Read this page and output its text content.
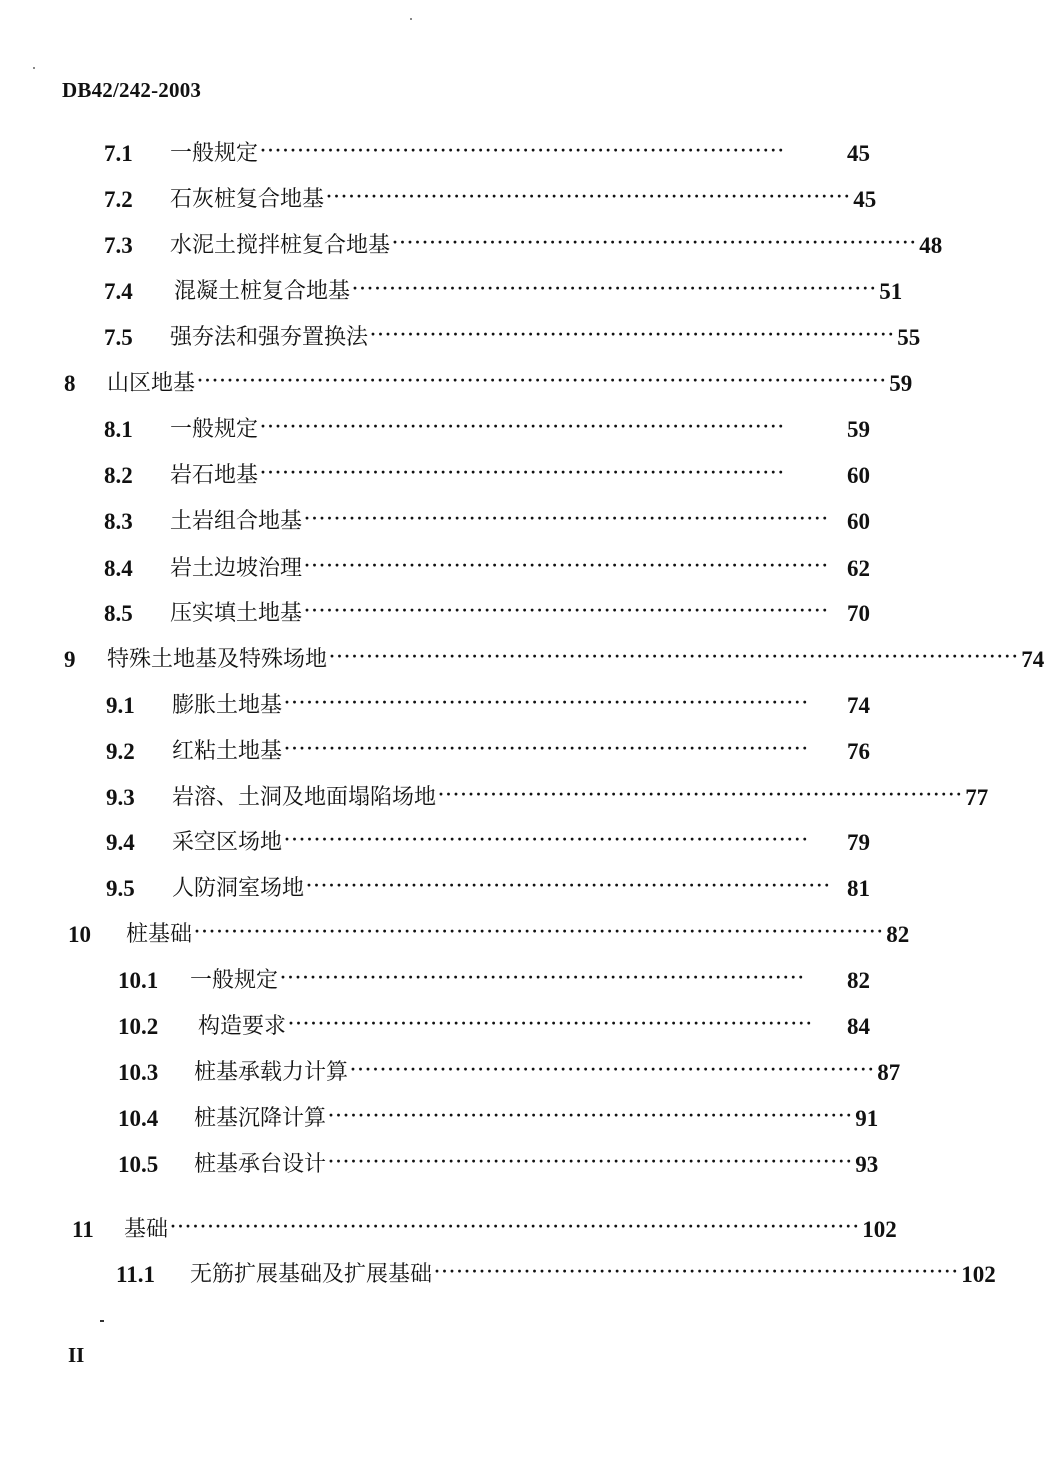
DB42/242-2003
7.1	一般规定 ······································································	45
7.2	石灰桩复合地基 ······································································ 45
7.3	水泥土搅拌桩复合地基 ······································································ 48
7.4	混凝土桩复合地基 ······································································ 51
7.5	强夯法和强夯置换法 ······································································ 55
8	山区地基 ···························································································· 59
8.1	一般规定 ······································································	59
8.2	岩石地基 ······································································	60
8.3	土岩组合地基 ······································································ 60
8.4	岩土边坡治理 ······································································ 62
8.5	压实填土地基 ······································································ 70
9	特殊土地基及特殊场地 ···························································································· 74
9.1	膨胀土地基 ······································································	74
9.2	红粘土地基 ······································································	76
9.3	岩溶、土洞及地面塌陷场地 ······································································ 77
9.4	采空区场地 ······································································	79
9.5	人防洞室场地 ······································································ 81
10	桩基础 ···························································································· 82
10.1	一般规定 ······································································	82
10.2	构造要求 ······································································	84
10.3	桩基承载力计算 ······································································ 87
10.4	桩基沉降计算 ······································································ 91
10.5	桩基承台设计 ······································································ 93
11	基础 ···························································································· 102
11.1	无筋扩展基础及扩展基础 ······································································ 102
II
